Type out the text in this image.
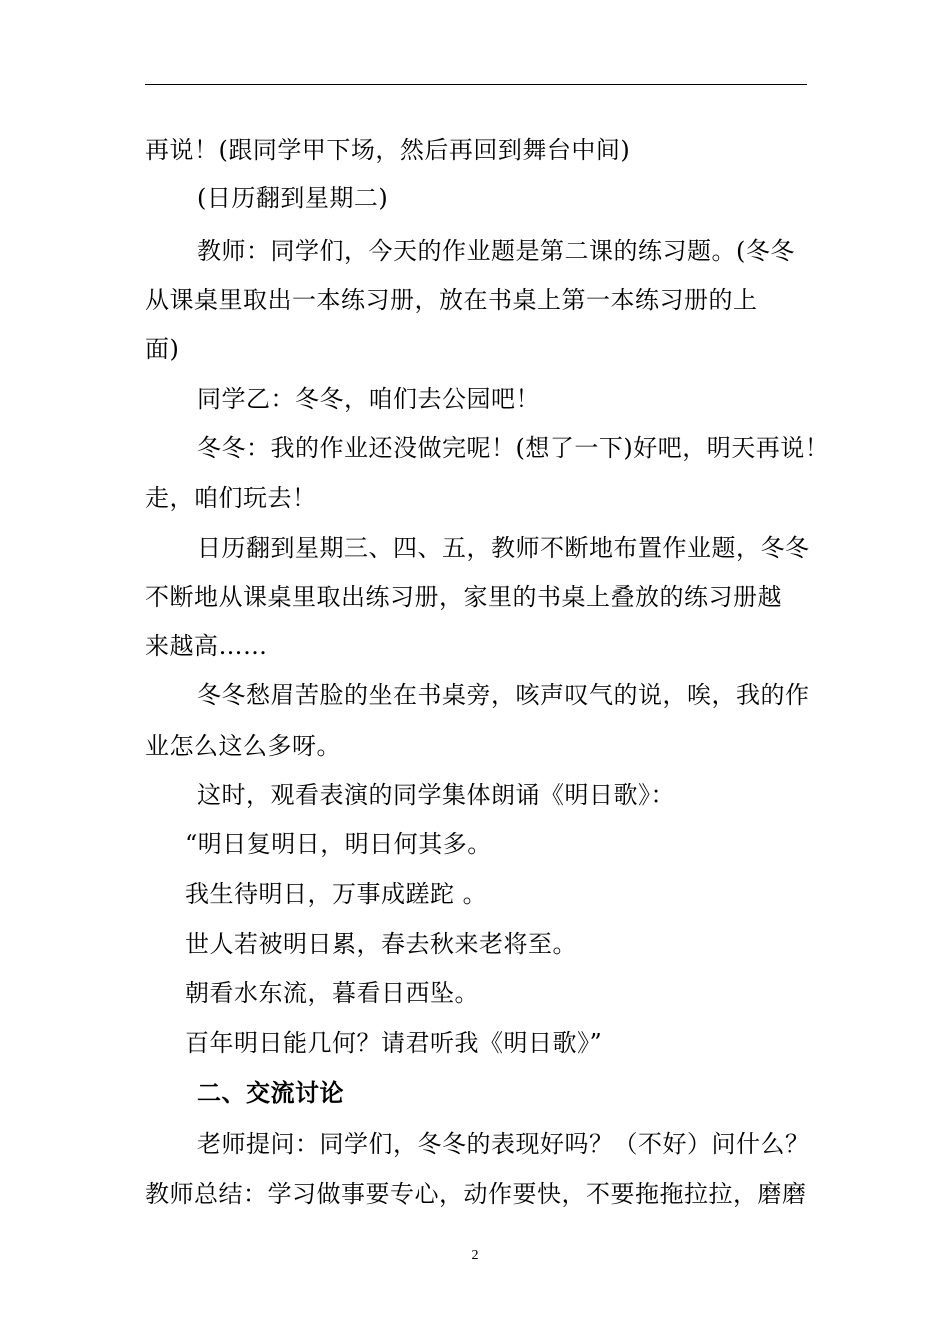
再说！(跟同学甲下场，然后再回到舞台中间)
(日历翻到星期二)
教师：同学们，今天的作业题是第二课的练习题。(冬冬
从课桌里取出一本练习册，放在书桌上第一本练习册的上
面)
同学乙：冬冬，咱们去公园吧！
冬冬：我的作业还没做完呢！(想了一下)好吧，明天再说！
走，咱们玩去！
日历翻到星期三、四、五，教师不断地布置作业题，冬冬
不断地从课桌里取出练习册，家里的书桌上叠放的练习册越
来越高……
冬冬愁眉苦脸的坐在书桌旁，咳声叹气的说，唉，我的作
业怎么这么多呀。
这时，观看表演的同学集体朗诵《明日歌》：
“明日复明日，明日何其多。
我生待明日，万事成蹉跎 。
世人若被明日累，春去秋来老将至。
朝看水东流，暮看日西坠。
百年明日能几何？请君听我《明日歌》”
二、交流讨论
老师提问：同学们，冬冬的表现好吗？（不好）问什么？
教师总结：学习做事要专心，动作要快，不要拖拖拉拉，磨磨
2
